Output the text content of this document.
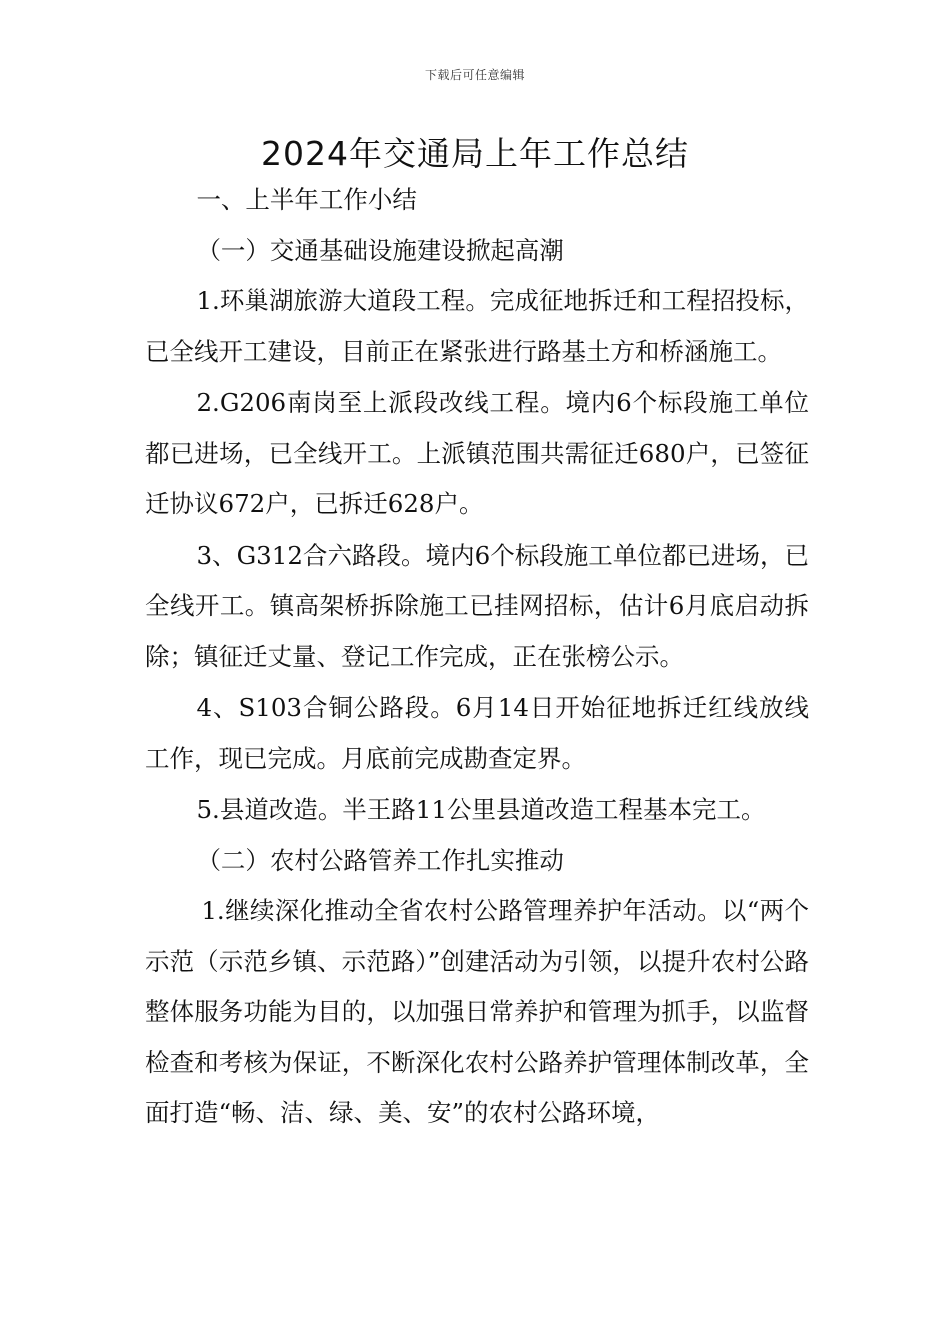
下载后可任意编辑
2024年交通局上年工作总结

一、上半年工作小结

（一）交通基础设施建设掀起高潮

1.环巢湖旅游大道段工程。完成征地拆迁和工程招投标，已全线开工建设，目前正在紧张进行路基土方和桥涵施工。

2.G206南岗至上派段改线工程。境内6个标段施工单位都已进场，已全线开工。上派镇范围共需征迁680户，已签征迁协议672户，已拆迁628户。

3、G312合六路段。境内6个标段施工单位都已进场，已全线开工。镇高架桥拆除施工已挂网招标，估计6月底启动拆除；镇征迁丈量、登记工作完成，正在张榜公示。

4、S103合铜公路段。6月14日开始征地拆迁红线放线工作，现已完成。月底前完成勘查定界。

5.县道改造。半王路11公里县道改造工程基本完工。

（二）农村公路管养工作扎实推动

1.继续深化推动全省农村公路管理养护年活动。以“两个示范（示范乡镇、示范路）”创建活动为引领，以提升农村公路整体服务功能为目的，以加强日常养护和管理为抓手，以监督检查和考核为保证，不断深化农村公路养护管理体制改革，全面打造“畅、洁、绿、美、安”的农村公路环境，
